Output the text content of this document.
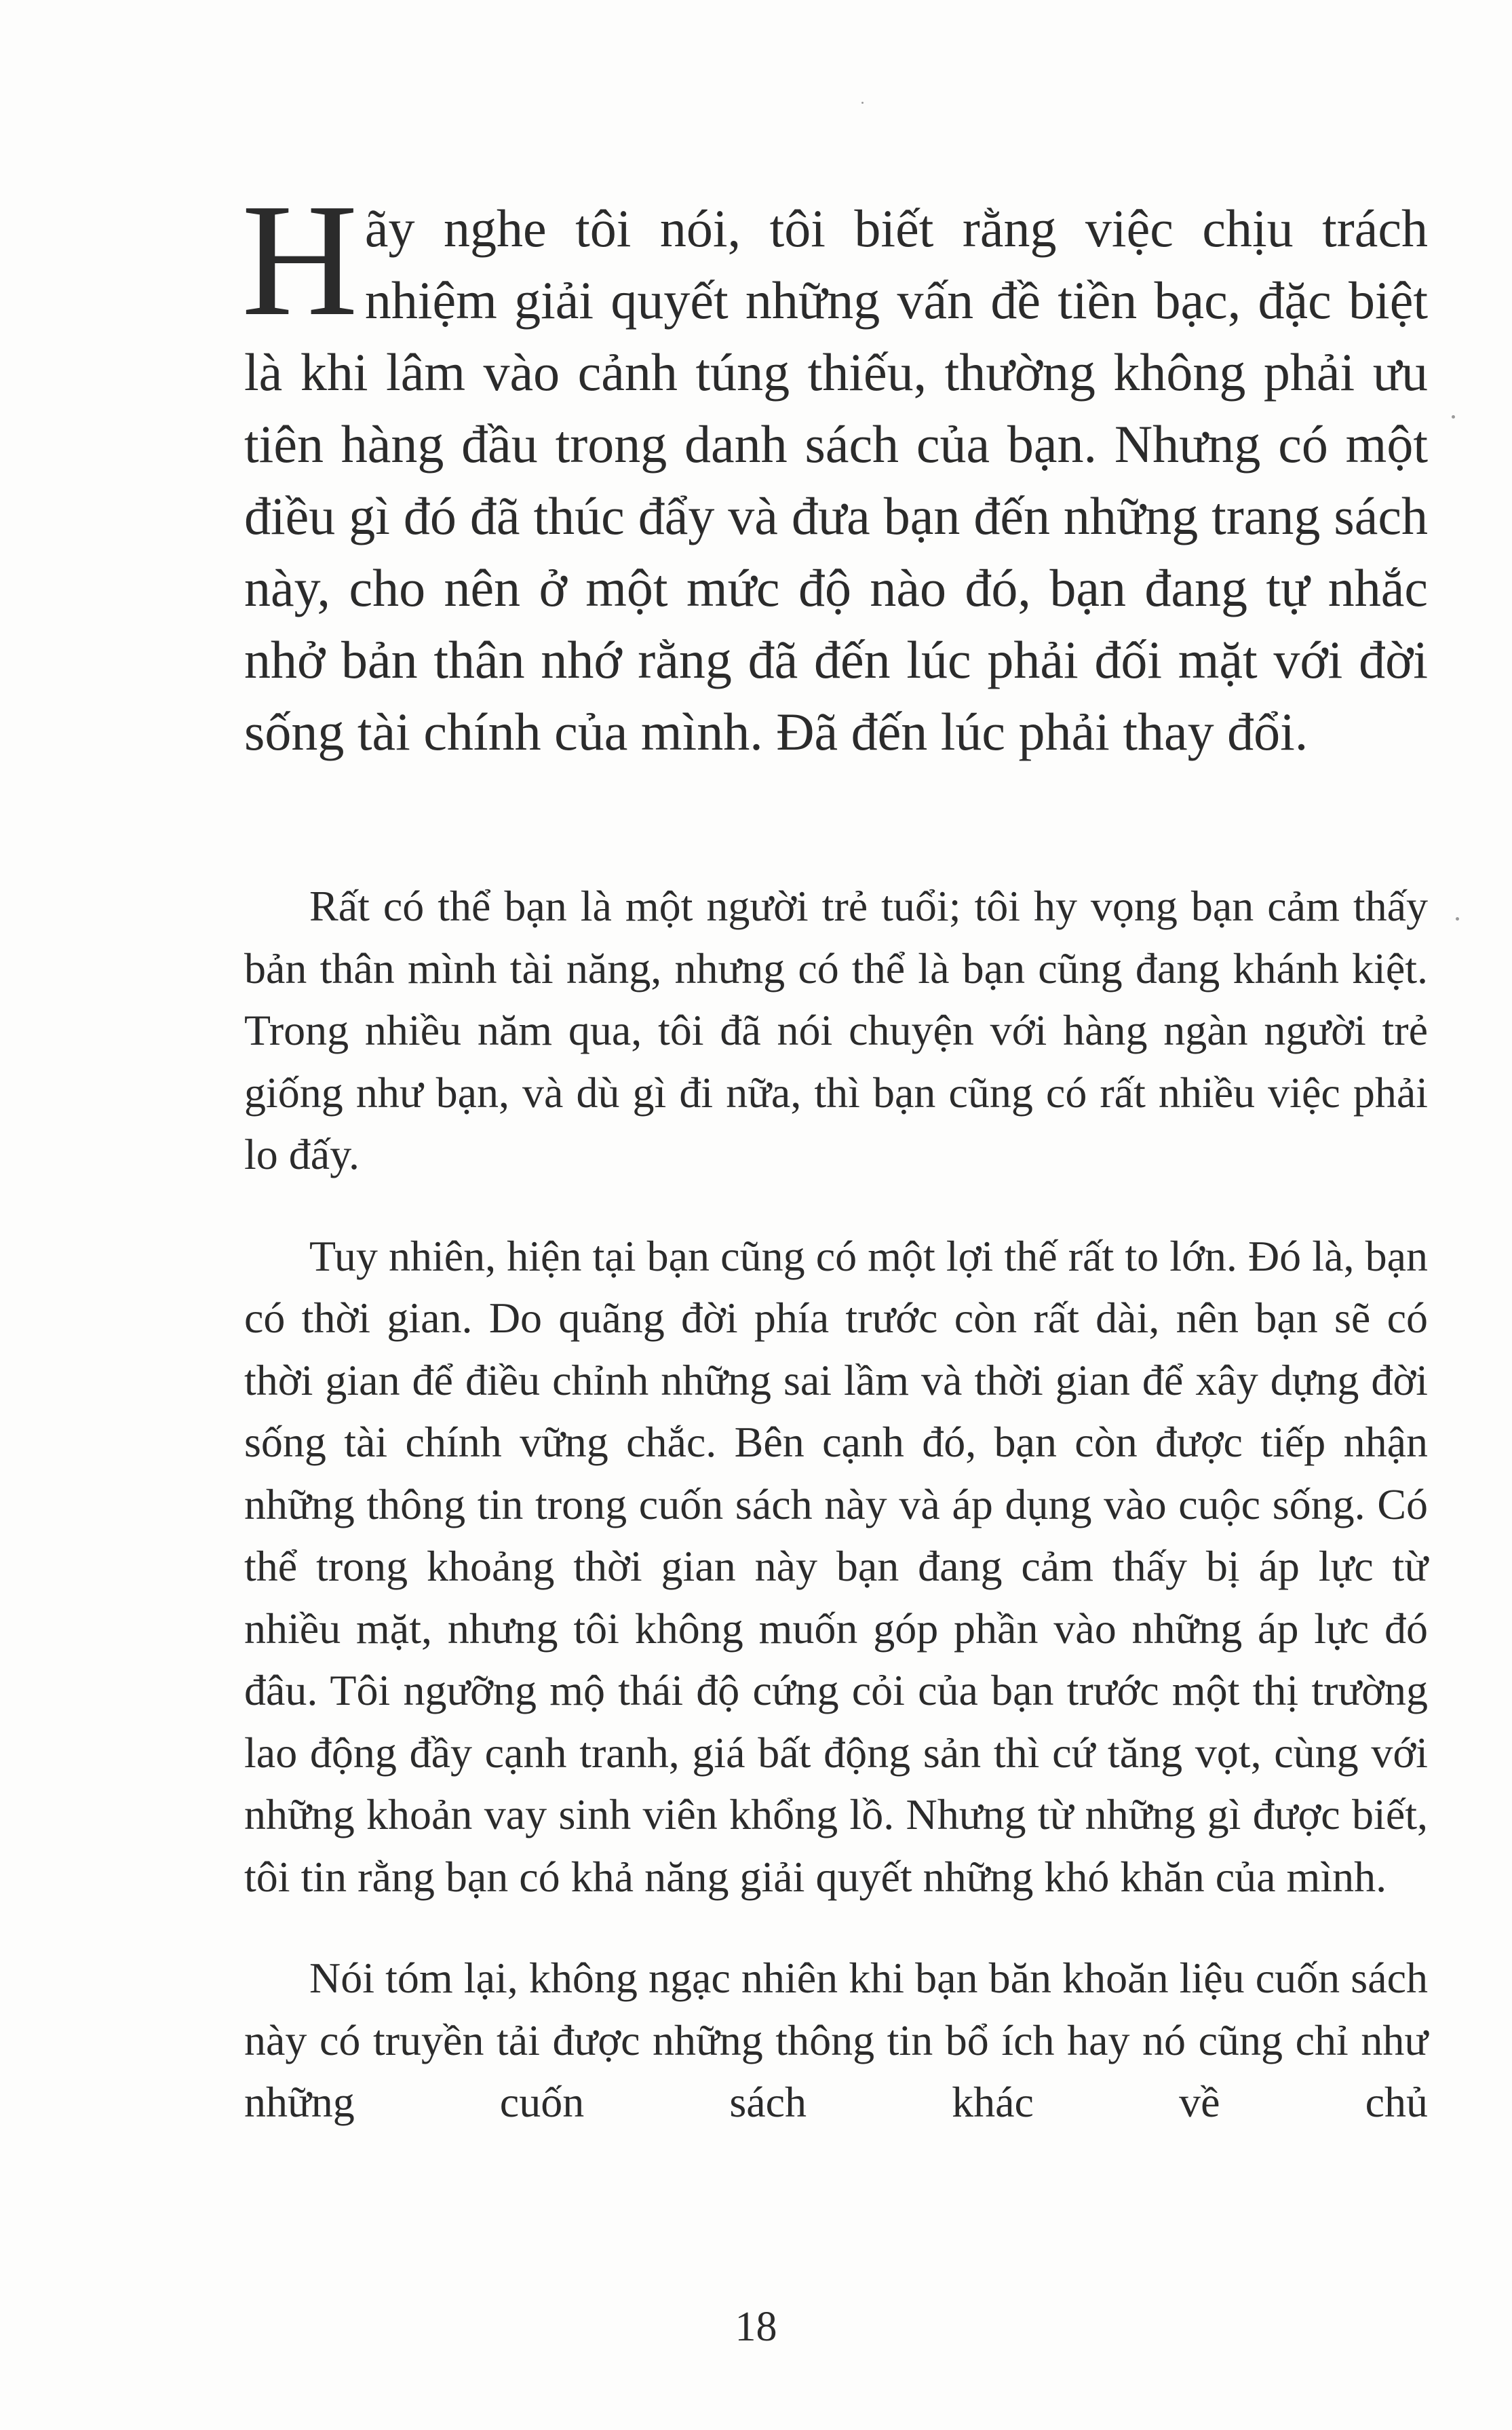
Hãy nghe tôi nói, tôi biết rằng việc chịu trách nhiệm giải quyết những vấn đề tiền bạc, đặc biệt là khi lâm vào cảnh túng thiếu, thường không phải ưu tiên hàng đầu trong danh sách của bạn. Nhưng có một điều gì đó đã thúc đẩy và đưa bạn đến những trang sách này, cho nên ở một mức độ nào đó, bạn đang tự nhắc nhở bản thân nhớ rằng đã đến lúc phải đối mặt với đời sống tài chính của mình. Đã đến lúc phải thay đổi.

Rất có thể bạn là một người trẻ tuổi; tôi hy vọng bạn cảm thấy bản thân mình tài năng, nhưng có thể là bạn cũng đang khánh kiệt. Trong nhiều năm qua, tôi đã nói chuyện với hàng ngàn người trẻ giống như bạn, và dù gì đi nữa, thì bạn cũng có rất nhiều việc phải lo đấy.

Tuy nhiên, hiện tại bạn cũng có một lợi thế rất to lớn. Đó là, bạn có thời gian. Do quãng đời phía trước còn rất dài, nên bạn sẽ có thời gian để điều chỉnh những sai lầm và thời gian để xây dựng đời sống tài chính vững chắc. Bên cạnh đó, bạn còn được tiếp nhận những thông tin trong cuốn sách này và áp dụng vào cuộc sống. Có thể trong khoảng thời gian này bạn đang cảm thấy bị áp lực từ nhiều mặt, nhưng tôi không muốn góp phần vào những áp lực đó đâu. Tôi ngưỡng mộ thái độ cứng cỏi của bạn trước một thị trường lao động đầy cạnh tranh, giá bất động sản thì cứ tăng vọt, cùng với những khoản vay sinh viên khổng lồ. Nhưng từ những gì được biết, tôi tin rằng bạn có khả năng giải quyết những khó khăn của mình.

Nói tóm lại, không ngạc nhiên khi bạn băn khoăn liệu cuốn sách này có truyền tải được những thông tin bổ ích hay nó cũng chỉ như những cuốn sách khác về chủ

18
